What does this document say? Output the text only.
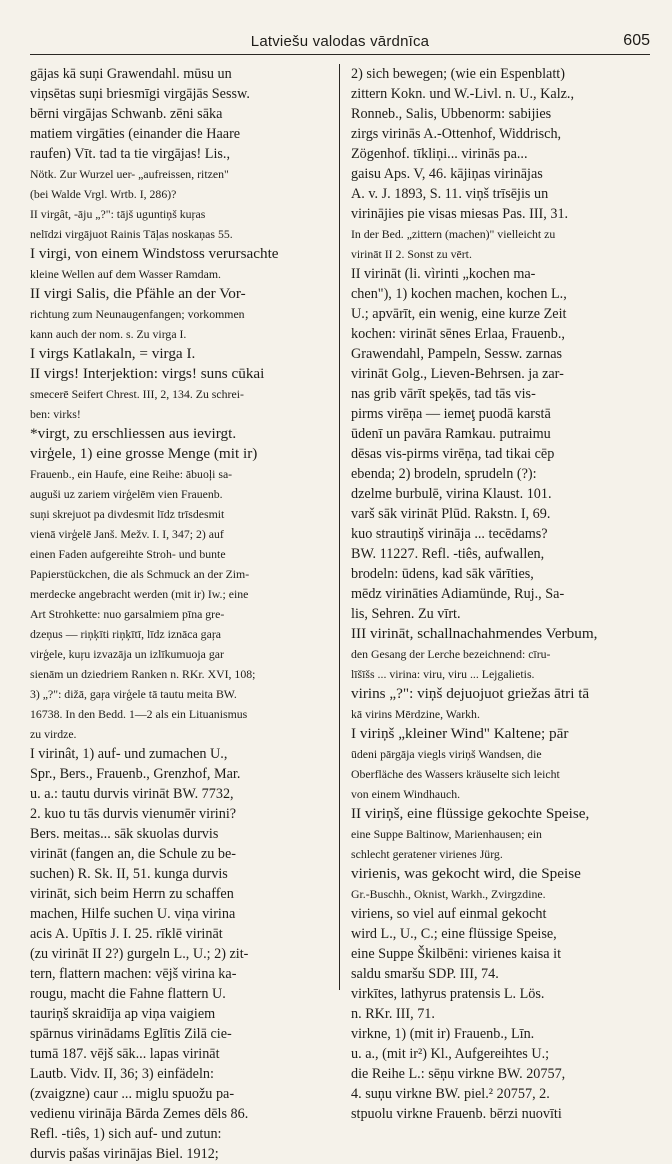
Latviešu valodas vārdnīca	605
gājas kā suņi Grawendahl. mūsu un
viņsētas suņi briesmīgi virgājās Sessw.
bērni virgājas Schwanb. zēni sāka
matiem virgāties (einander die Haare
raufen) Vīt. tad ta tie virgājas! Lis.,
Nötk. Zur Wurzel uer- „aufreissen, ritzen"
(bei Walde Vrgl. Wrtb. I, 286)?
II virgât, -āju „?": tājš uguntiņš kuŗas
nelīdzi virgājuot Rainis Tāļas noskaņas 55.
I virgi, von einem Windstoss verursachte
kleine Wellen auf dem Wasser Ramdam.
II virgi Salis, die Pfähle an der Vor-
richtung zum Neunaugenfangen; vorkommen
kann auch der nom. s. Zu virga I.
I virgs Katlakaln, = virga I.
II virgs! Interjektion: virgs! suns cūkai
smecerē Seifert Chrest. III, 2, 134. Zu schrei-
ben: virks!
*virgt, zu erschliessen aus ievirgt.
virģele, 1) eine grosse Menge (mit ir)
Frauenb., ein Haufe, eine Reihe: ābuoļi sa-
auguši uz zariem virģelēm vien Frauenb.
suņi skrejuot pa divdesmit līdz trīsdesmit
vienā virģelē Janš. Mežv. I. I, 347; 2) auf
einen Faden aufgereihte Stroh- und bunte
Papierstückchen, die als Schmuck an der Zim-
merdecke angebracht werden (mit ir) Iw.; eine
Art Strohkette: nuo garsalmiem pīna gre-
dzeņus — riņķīti riņķītī, līdz iznāca gaŗa
virģele, kuŗu izvazāja un izlīkumuoja gar
sienām un dziedriem Ranken n. RKr. XVI, 108;
3) „?": dižā, gaŗa virģele tā tautu meita BW.
16738. In den Bedd. 1—2 als ein Lituanismus
zu virdze.
I virinât, 1) auf- und zumachen U.,
Spr., Bers., Frauenb., Grenzhof, Mar.
u. a.: tautu durvis virināt BW. 7732,
2. kuo tu tās durvis vienumēr virini?
Bers. meitas... sāk skuolas durvis
virināt (fangen an, die Schule zu be-
suchen) R. Sk. II, 51. kunga durvis
virināt, sich beim Herrn zu schaffen
machen, Hilfe suchen U. viņa virina
acis A. Upītis J. I. 25. rīklē virināt
(zu virināt II 2?) gurgeln L., U.; 2) zit-
tern, flattern machen: vējš virina ka-
rougu, macht die Fahne flattern U.
tauriņš skraidīja ap viņa vaigiem
spārnus virinādams Eglītis Zilā cie-
tumā 187. vējš sāk... lapas virināt
Lautb. Vidv. II, 36; 3) einfädeln:
(zvaigzne) caur ... miglu spuožu pa-
vedienu virināja Bārda Zemes dēls 86.
Refl. -tiês, 1) sich auf- und zutun:
durvis pašas virinājas Biel. 1912;
2) sich bewegen; (wie ein Espenblatt)
zittern Kokn. und W.-Livl. n. U., Kalz.,
Ronneb., Salis, Ubbenorm: sabijies
zirgs virinās A.-Ottenhof, Widdrisch,
Zögenhof. tīkliņi... virinās pa...
gaisu Aps. V, 46. kājiņas virinājas
A. v. J. 1893, S. 11. viņš trīsējis un
virinājies pie visas miesas Pas. III, 31.
In der Bed. „zittern (machen)" vielleicht zu
virināt II 2. Sonst zu vērt.
II virināt (li. vìrinti „kochen ma-
chen"), 1) kochen machen, kochen L.,
U.; apvārīt, ein wenig, eine kurze Zeit
kochen: virināt sēnes Erlaa, Frauenb.,
Grawendahl, Pampeln, Sessw. zarnas
virināt Golg., Lieven-Behrsen. ja zar-
nas grib vārīt speķēs, tad tās vis-
pirms virēņa — iemeţ puodā karstā
ūdenī un pavāra Ramkau. putraimu
dēsas vis-pirms virēņa, tad tikai cēp
ebenda; 2) brodeln, sprudeln (?):
dzelme burbulē, virina Klaust. 101.
varš sāk virināt Plūd. Rakstn. I, 69.
kuo strautiņš virināja ... tecēdams?
BW. 11227. Refl. -tiês, aufwallen,
brodeln: ūdens, kad sāk vārīties,
mēdz virināties Adiamünde, Ruj., Sa-
lis, Sehren. Zu vīrt.
III virināt, schallnachahmendes Verbum,
den Gesang der Lerche bezeichnend: cīru-
līšīšs ... virina: viru, viru ... Lejgalietis.
virins „?": viņš dejuojuot griežas ātri tā
kā virins Mērdzine, Warkh.
I viriņš „kleiner Wind" Kaltene; pār
ūdeni pārgāja viegls viriņš Wandsen, die
Oberfläche des Wassers kräuselte sich leicht
von einem Windhauch.
II viriņš, eine flüssige gekochte Speise,
eine Suppe Baltinow, Marienhausen; ein
schlecht geratener virienes Jürg.
virienis, was gekocht wird, die Speise
Gr.-Buschh., Oknist, Warkh., Zvirgzdine.
viriens, so viel auf einmal gekocht
wird L., U., C.; eine flüssige Speise,
eine Suppe Škilbēni: virienes kaisa it
saldu smaršu SDP. III, 74.
virkītes, lathyrus pratensis L. Lös.
n. RKr. III, 71.
virkne, 1) (mit ir) Frauenb., Līn.
u. a., (mit ir²) Kl., Aufgereihtes U.;
die Reihe L.: sēņu virkne BW. 20757,
4. suņu virkne BW. piel.² 20757, 2.
stpuolu virkne Frauenb. bērzi nuovīti
